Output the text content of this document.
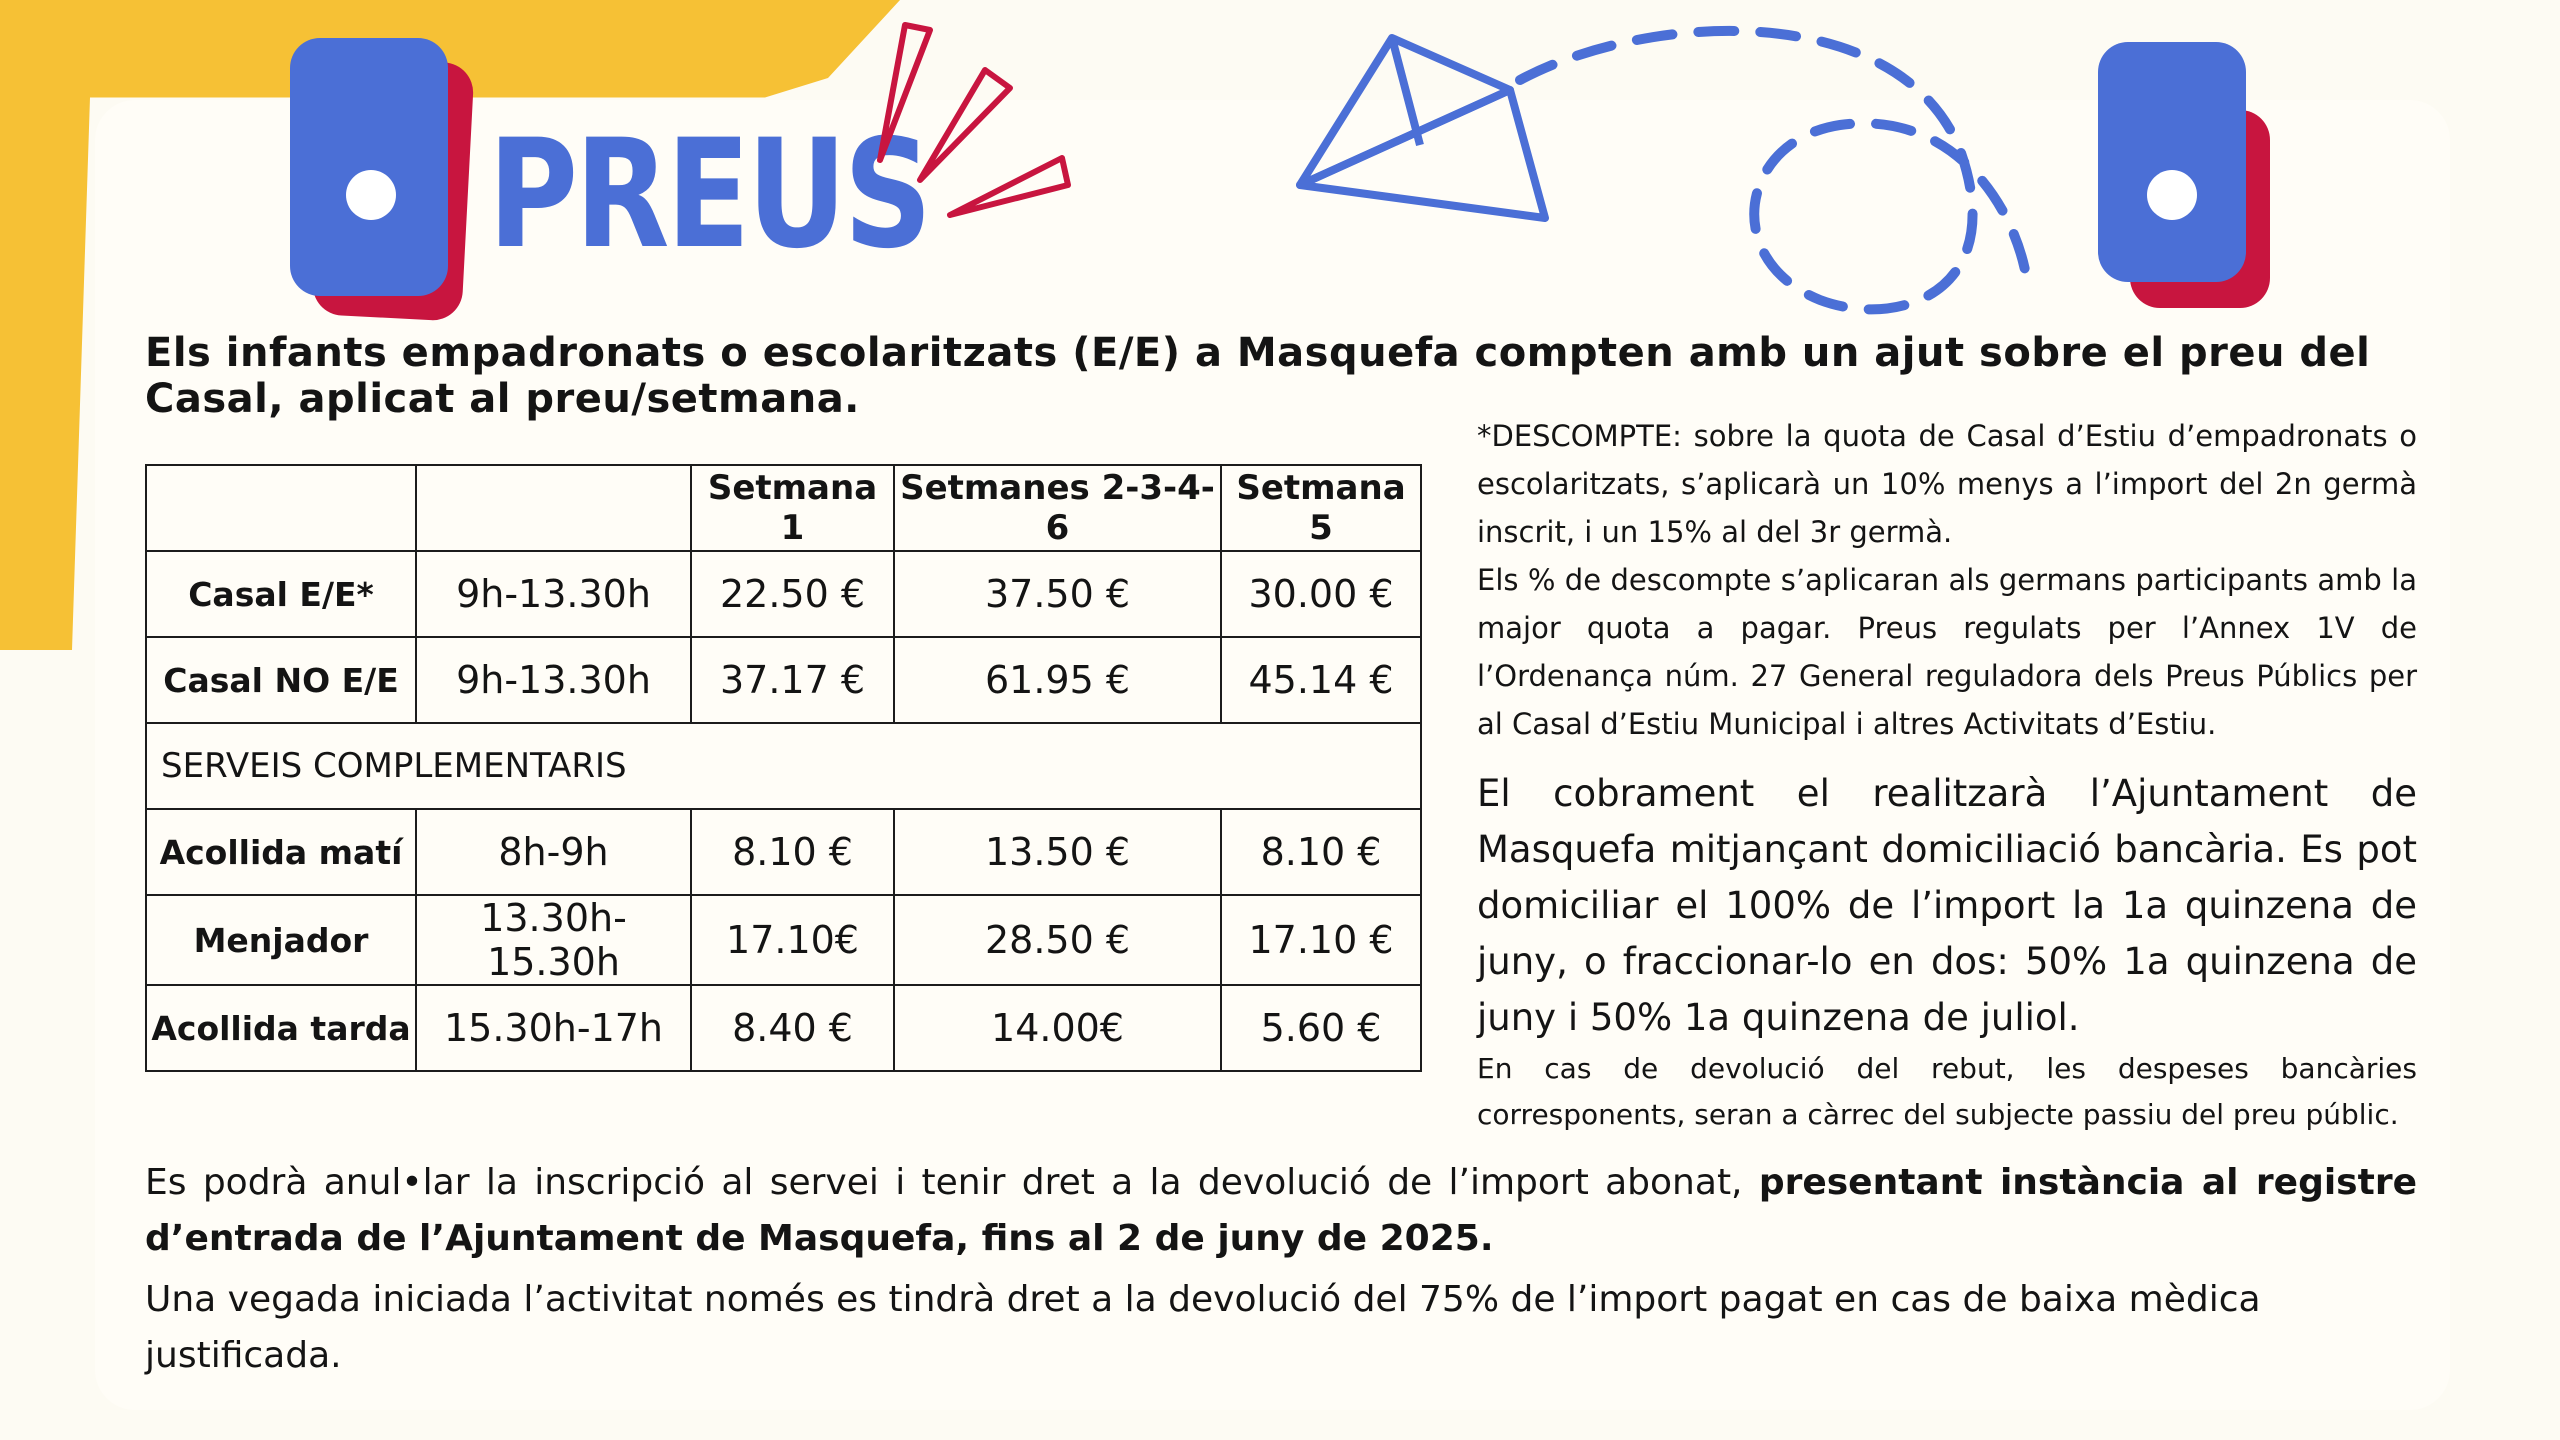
PREUS

Els infants empadronats o escolaritzats (E/E) a Masquefa compten amb un ajut sobre el preu del Casal, aplicat al preu/setmana.

		Setmana 1	Setmanes 2-3-4-6	Setmana 5
Casal E/E*	9h-13.30h	22.50 €	37.50 €	30.00 €
Casal NO E/E	9h-13.30h	37.17 €	61.95 €	45.14 €
SERVEIS COMPLEMENTARIS				
Acollida matí	8h-9h	8.10 €	13.50 €	8.10 €
Menjador	13.30h-15.30h	17.10€	28.50 €	17.10 €
Acollida tarda	15.30h-17h	8.40 €	14.00€	5.60 €

*DESCOMPTE: sobre la quota de Casal d’Estiu d’empadronats o escolaritzats, s’aplicarà un 10% menys a l’import del 2n germà inscrit, i un 15% al del 3r germà.

Els % de descompte s’aplicaran als germans participants amb la major quota a pagar. Preus regulats per l’Annex 1V de l’Ordenança núm. 27 General reguladora dels Preus Públics per al Casal d’Estiu Municipal i altres Activitats d’Estiu.

El cobrament el realitzarà l’Ajuntament de Masquefa mitjançant domiciliació bancària. Es pot domiciliar el 100% de l’import la 1a quinzena de juny, o fraccionar-lo en dos: 50% 1a quinzena de juny i 50% 1a quinzena de juliol.

En cas de devolució del rebut, les despeses bancàries corresponents, seran a càrrec del subjecte passiu del preu públic.

Es podrà anul•lar la inscripció al servei i tenir dret a la devolució de l’import abonat, presentant instància al registre d’entrada de l’Ajuntament de Masquefa, fins al 2 de juny de 2025.

Una vegada iniciada l’activitat només es tindrà dret a la devolució del 75% de l’import pagat en cas de baixa mèdica justificada.
